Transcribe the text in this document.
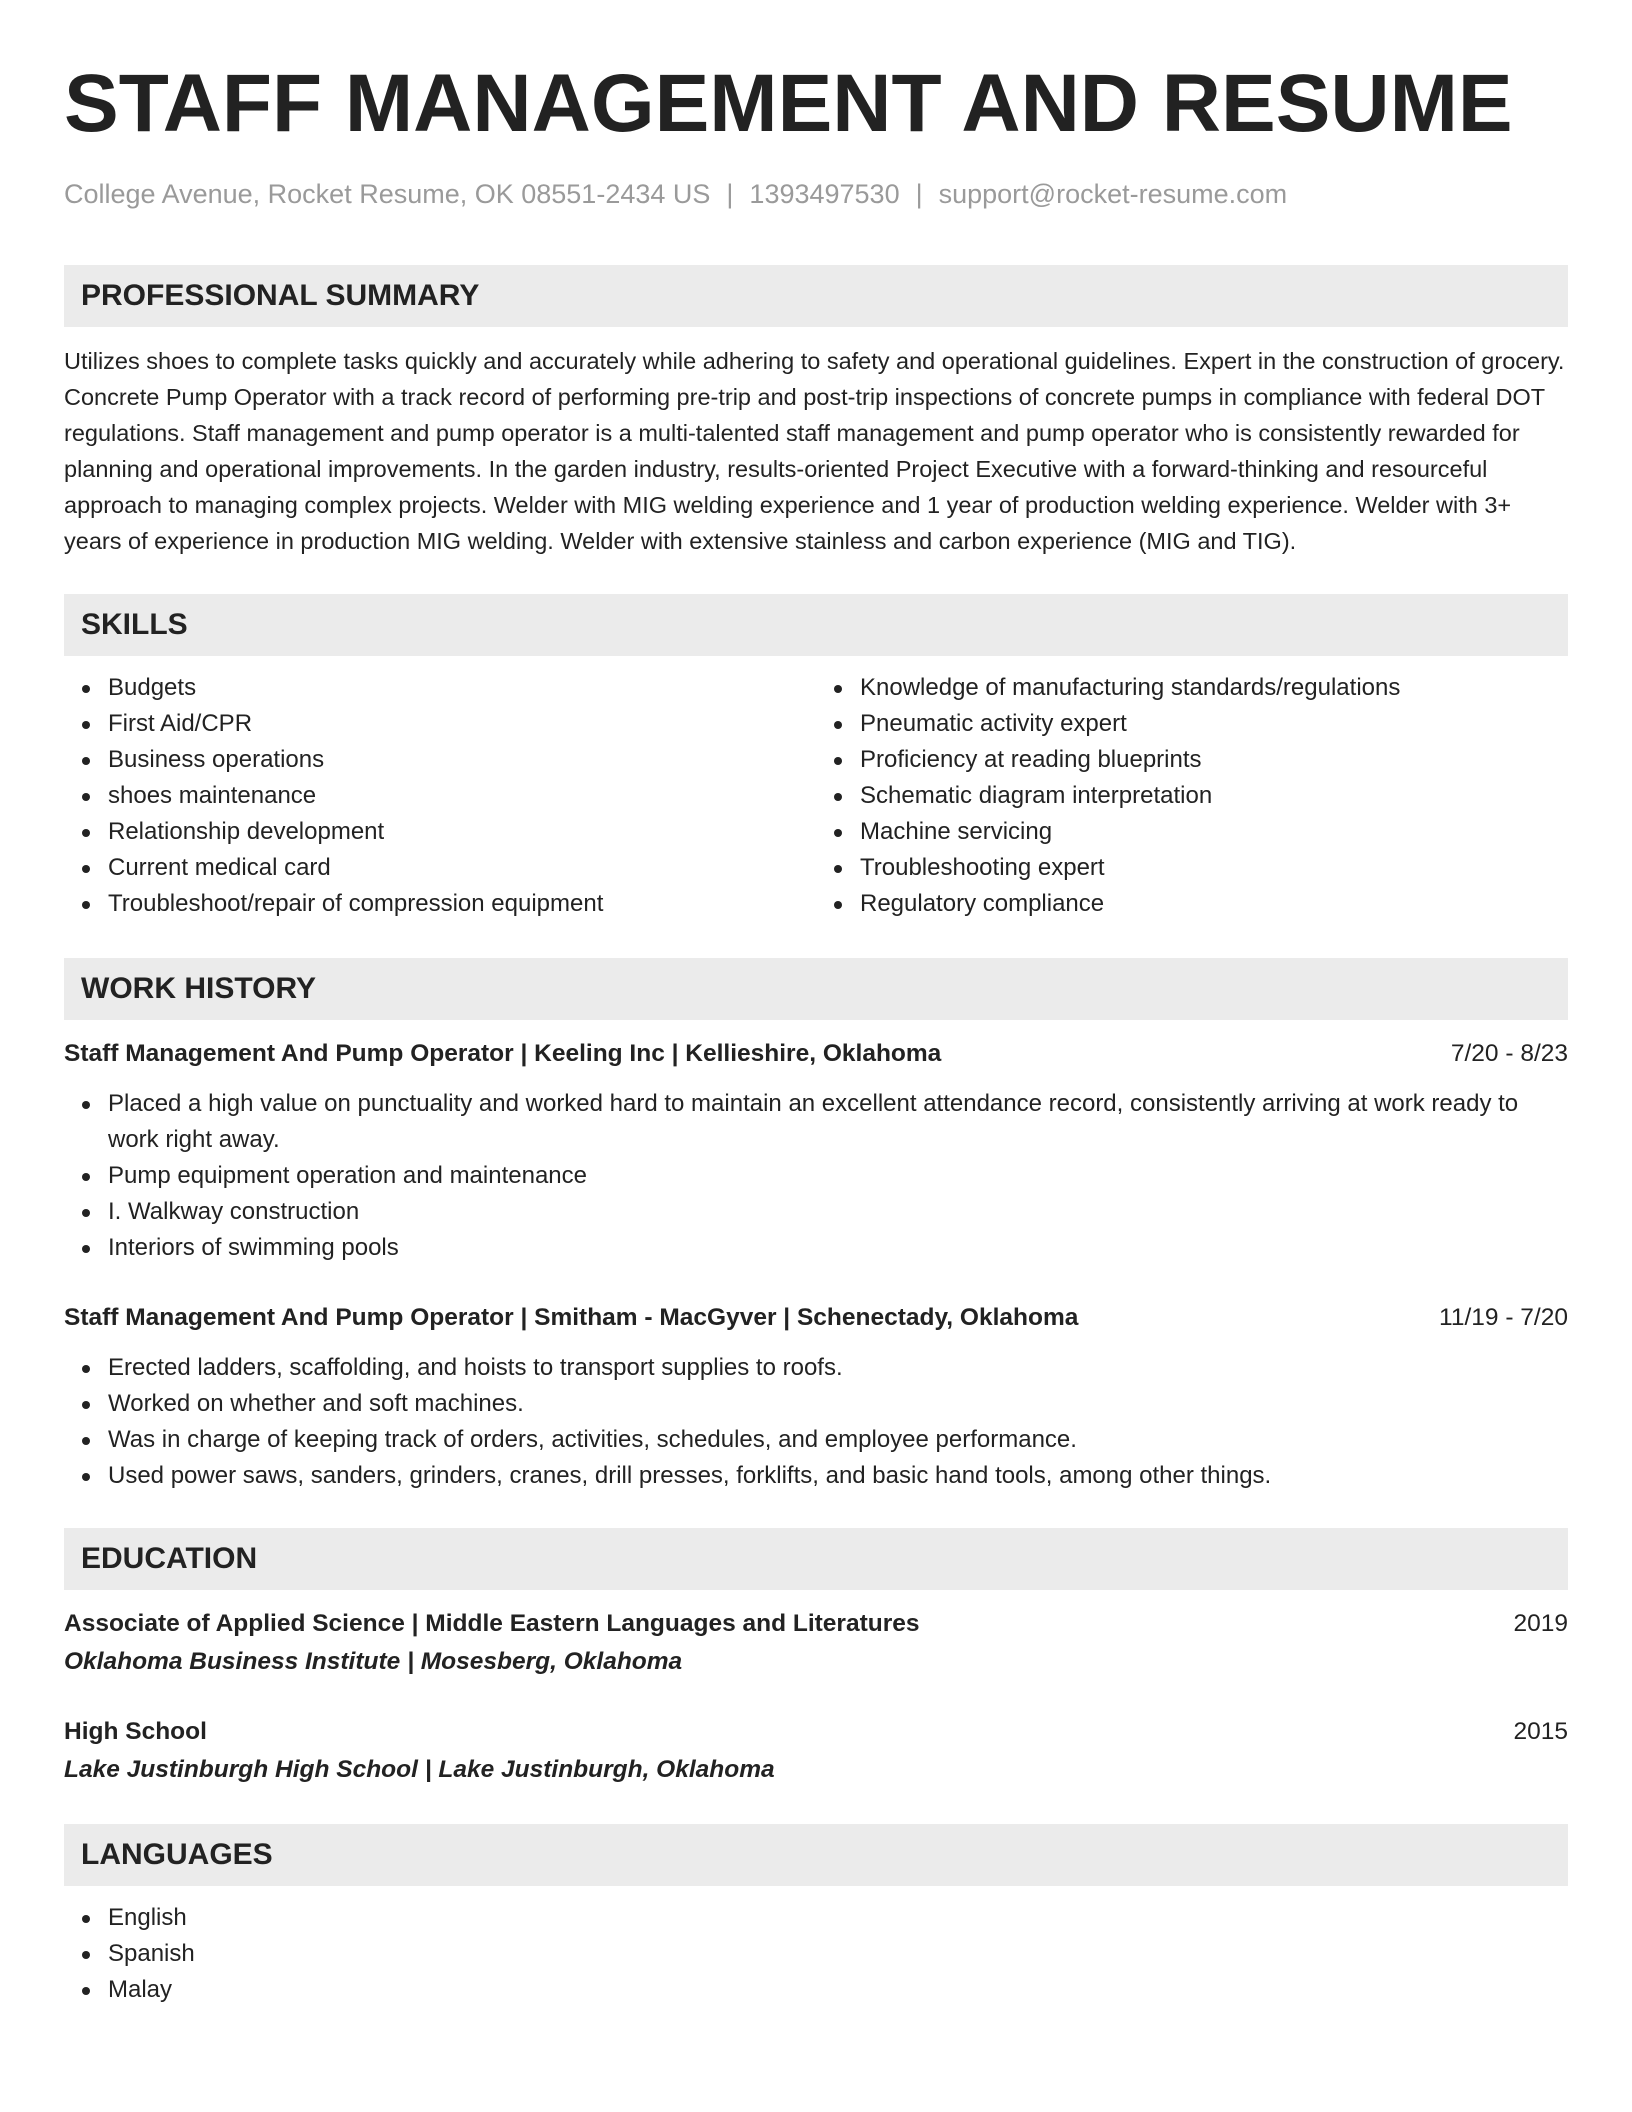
STAFF MANAGEMENT AND RESUME
College Avenue, Rocket Resume, OK 08551-2434 US | 1393497530 | support@rocket-resume.com
PROFESSIONAL SUMMARY
Utilizes shoes to complete tasks quickly and accurately while adhering to safety and operational guidelines. Expert in the construction of grocery. Concrete Pump Operator with a track record of performing pre-trip and post-trip inspections of concrete pumps in compliance with federal DOT regulations. Staff management and pump operator is a multi-talented staff management and pump operator who is consistently rewarded for planning and operational improvements. In the garden industry, results-oriented Project Executive with a forward-thinking and resourceful approach to managing complex projects. Welder with MIG welding experience and 1 year of production welding experience. Welder with 3+ years of experience in production MIG welding. Welder with extensive stainless and carbon experience (MIG and TIG).
SKILLS
Budgets
First Aid/CPR
Business operations
shoes maintenance
Relationship development
Current medical card
Troubleshoot/repair of compression equipment
Knowledge of manufacturing standards/regulations
Pneumatic activity expert
Proficiency at reading blueprints
Schematic diagram interpretation
Machine servicing
Troubleshooting expert
Regulatory compliance
WORK HISTORY
Staff Management And Pump Operator | Keeling Inc | Kellieshire, Oklahoma	7/20 - 8/23
Placed a high value on punctuality and worked hard to maintain an excellent attendance record, consistently arriving at work ready to work right away.
Pump equipment operation and maintenance
I. Walkway construction
Interiors of swimming pools
Staff Management And Pump Operator | Smitham - MacGyver | Schenectady, Oklahoma	11/19 - 7/20
Erected ladders, scaffolding, and hoists to transport supplies to roofs.
Worked on whether and soft machines.
Was in charge of keeping track of orders, activities, schedules, and employee performance.
Used power saws, sanders, grinders, cranes, drill presses, forklifts, and basic hand tools, among other things.
EDUCATION
Associate of Applied Science | Middle Eastern Languages and Literatures	2019
Oklahoma Business Institute | Mosesberg, Oklahoma
High School	2015
Lake Justinburgh High School | Lake Justinburgh, Oklahoma
LANGUAGES
English
Spanish
Malay
